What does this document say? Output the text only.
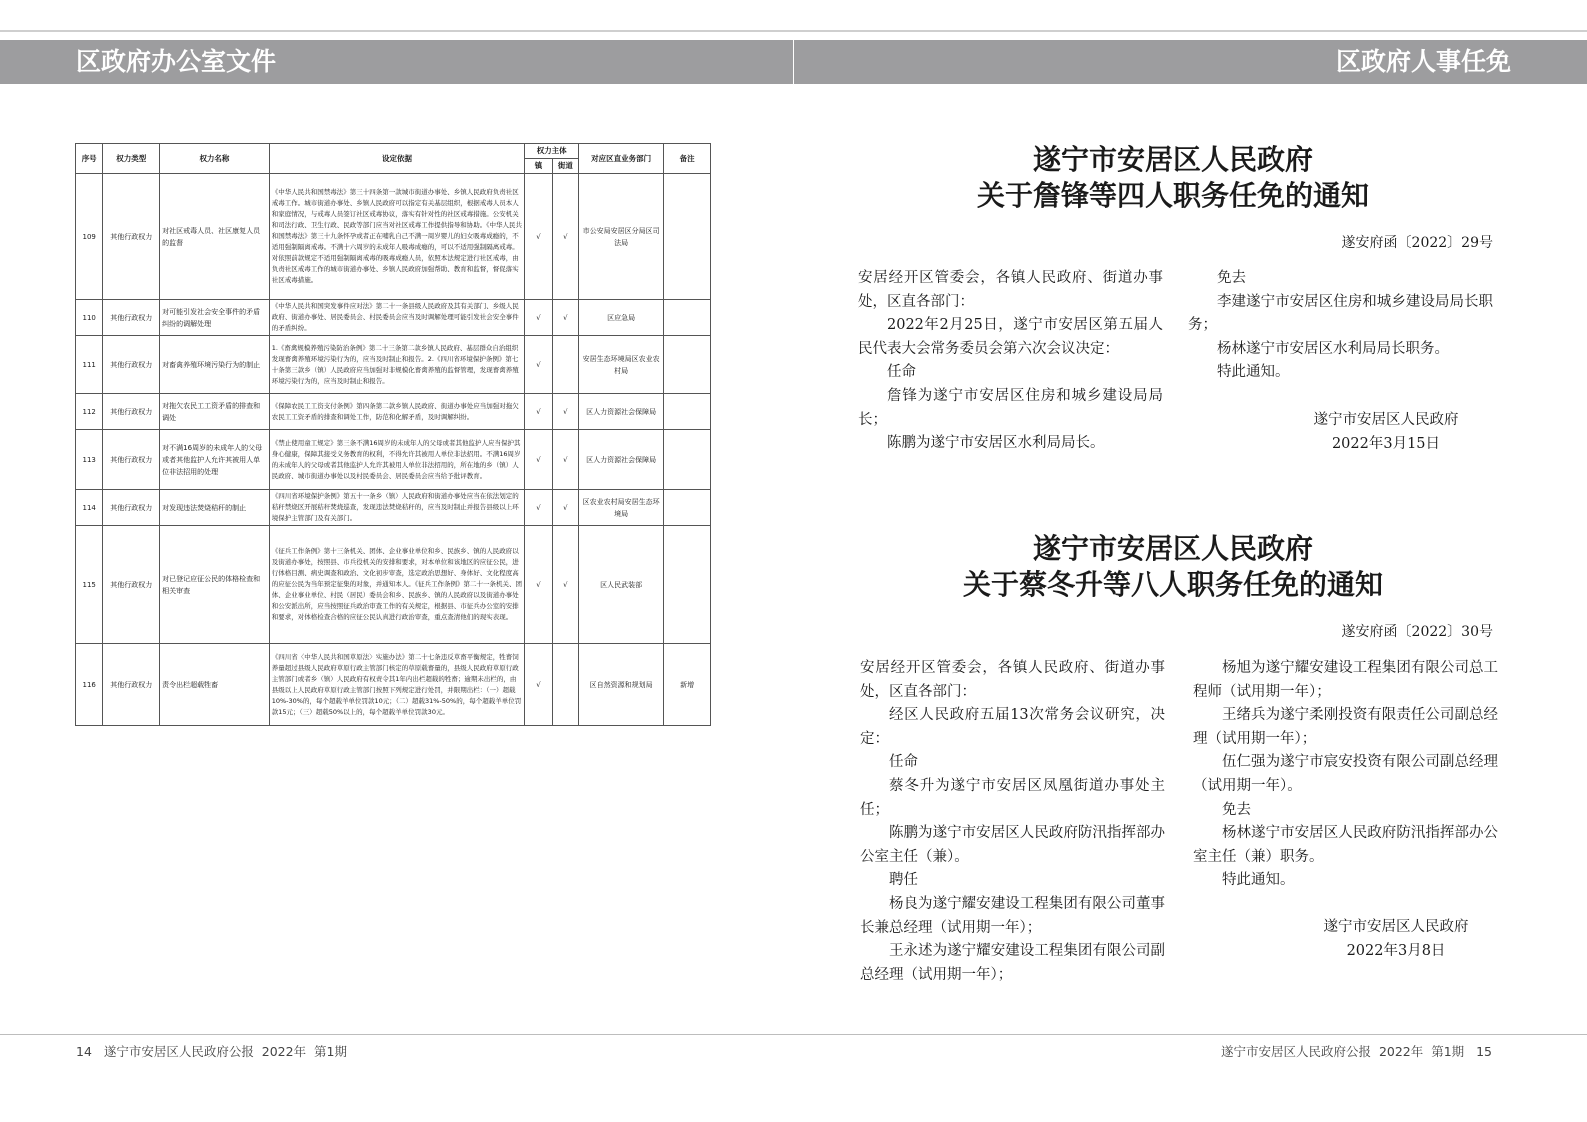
区政府办公室文件	区政府人事任免
序号	权力类型	权力名称	设定依据	权力主体		对应区直业务部门	备注
				镇	街道		
109	其他行政权力	对社区戒毒人员、社区康复人员的监督	《中华人民共和国禁毒法》第三十四条第一款城市街道办事处、乡镇人民政府负责社区戒毒工作。城市街道办事处、乡镇人民政府可以指定有关基层组织，根据戒毒人员本人和家庭情况，与戒毒人员签订社区戒毒协议，落实有针对性的社区戒毒措施。公安机关和司法行政、卫生行政、民政等部门应当对社区戒毒工作提供指导和协助。《中华人民共和国禁毒法》第三十九条怀孕或者正在哺乳自己不满一周岁婴儿的妇女吸毒成瘾的，不适用强制隔离戒毒。不满十六周岁的未成年人吸毒成瘾的，可以不适用强制隔离戒毒。对依照前款规定不适用强制隔离戒毒的吸毒成瘾人员，依照本法规定进行社区戒毒，由负责社区戒毒工作的城市街道办事处、乡镇人民政府加强帮助、教育和监督，督促落实社区戒毒措施。	√	√	市公安局安居区分局区司法局	
110	其他行政权力	对可能引发社会安全事件的矛盾纠纷的调解处理	《中华人民共和国突发事件应对法》第二十一条县级人民政府及其有关部门、乡级人民政府、街道办事处、居民委员会、村民委员会应当及时调解处理可能引发社会安全事件的矛盾纠纷。	√	√	区应急局	
111	其他行政权力	对畜禽养殖环境污染行为的制止	1.《畜禽规模养殖污染防治条例》第二十三条第二款乡镇人民政府、基层群众自治组织发现畜禽养殖环境污染行为的，应当及时制止和报告。2.《四川省环境保护条例》第七十条第三款乡（镇）人民政府应当加强对非规模化畜禽养殖的监督管理，发现畜禽养殖环境污染行为的，应当及时制止和报告。	√		安居生态环境局区农业农村局	
112	其他行政权力	对拖欠农民工工资矛盾的排查和调处	《保障农民工工资支付条例》第四条第二款乡镇人民政府、街道办事处应当加强对拖欠农民工工资矛盾的排查和调处工作，防范和化解矛盾，及时调解纠纷。	√	√	区人力资源社会保障局	
113	其他行政权力	对不满16周岁的未成年人的父母或者其他监护人允许其被用人单位非法招用的处理	《禁止使用童工规定》第三条不满16周岁的未成年人的父母或者其他监护人应当保护其身心健康，保障其接受义务教育的权利，不得允许其被用人单位非法招用。不满16周岁的未成年人的父母或者其他监护人允许其被用人单位非法招用的，所在地的乡（镇）人民政府、城市街道办事处以及村民委员会、居民委员会应当给予批评教育。	√	√	区人力资源社会保障局	
114	其他行政权力	对发现违法焚烧秸秆的制止	《四川省环境保护条例》第五十一条乡（镇）人民政府和街道办事处应当在依法划定的秸秆禁烧区开展秸秆焚烧巡查，发现违法焚烧秸秆的，应当及时制止并报告县级以上环境保护主管部门及有关部门。	√	√	区农业农村局安居生态环境局	
115	其他行政权力	对已登记应征公民的体格检查和相关审查	《征兵工作条例》第十三条机关、团体、企业事业单位和乡、民族乡、镇的人民政府以及街道办事处，按照县、市兵役机关的安排和要求，对本单位和该地区的应征公民，进行体格目测、病史调查和政治、文化初步审查，选定政治思想好、身体好、文化程度高的应征公民为当年预定征集的对象，并通知本人。《征兵工作条例》第二十一条机关、团体、企业事业单位、村民（居民）委员会和乡、民族乡、镇的人民政府以及街道办事处和公安派出所，应当按照征兵政治审查工作的有关规定，根据县、市征兵办公室的安排和要求，对体格检查合格的应征公民认真进行政治审查，重点查清他们的现实表现。	√	√	区人民武装部	
116	其他行政权力	责令出栏超载牲畜	《四川省〈中华人民共和国草原法〉实施办法》第二十七条违反草畜平衡规定，牲畜饲养量超过县级人民政府草原行政主管部门核定的草原载畜量的，县级人民政府草原行政主管部门或者乡（镇）人民政府有权责令其1年内出栏超载的牲畜；逾期未出栏的，由县级以上人民政府草原行政主管部门按照下列规定进行处罚，并限期出栏：（一）超载10%-30%的，每个超载羊单位罚款10元；（二）超载31%-50%的，每个超载羊单位罚款15元；（三）超载50%以上的，每个超载羊单位罚款30元。	√		区自然资源和规划局	新增
遂宁市安居区人民政府
关于詹锋等四人职务任免的通知
遂安府函〔2022〕29号

安居经开区管委会，各镇人民政府、街道办事处，区直各部门：

2022年2月25日，遂宁市安居区第五届人民代表大会常务委员会第六次会议决定：

任命

詹锋为遂宁市安居区住房和城乡建设局局长；

陈鹏为遂宁市安居区水利局局长。

免去

李建遂宁市安居区住房和城乡建设局局长职务；

杨林遂宁市安居区水利局局长职务。

特此通知。

遂宁市安居区人民政府
2022年3月15日
遂宁市安居区人民政府
关于蔡冬升等八人职务任免的通知
遂安府函〔2022〕30号

安居经开区管委会，各镇人民政府、街道办事处，区直各部门：

经区人民政府五届13次常务会议研究，决定：

任命

蔡冬升为遂宁市安居区凤凰街道办事处主任；

陈鹏为遂宁市安居区人民政府防汛指挥部办公室主任（兼）。

聘任

杨良为遂宁耀安建设工程集团有限公司董事长兼总经理（试用期一年）；

王永述为遂宁耀安建设工程集团有限公司副总经理（试用期一年）；

杨旭为遂宁耀安建设工程集团有限公司总工程师（试用期一年）；

王绪兵为遂宁柔刚投资有限责任公司副总经理（试用期一年）；

伍仁强为遂宁市宸安投资有限公司副总经理（试用期一年）。

免去

杨林遂宁市安居区人民政府防汛指挥部办公室主任（兼）职务。

特此通知。

遂宁市安居区人民政府
2022年3月8日
14   遂宁市安居区人民政府公报  2022年  第1期	遂宁市安居区人民政府公报  2022年  第1期   15
